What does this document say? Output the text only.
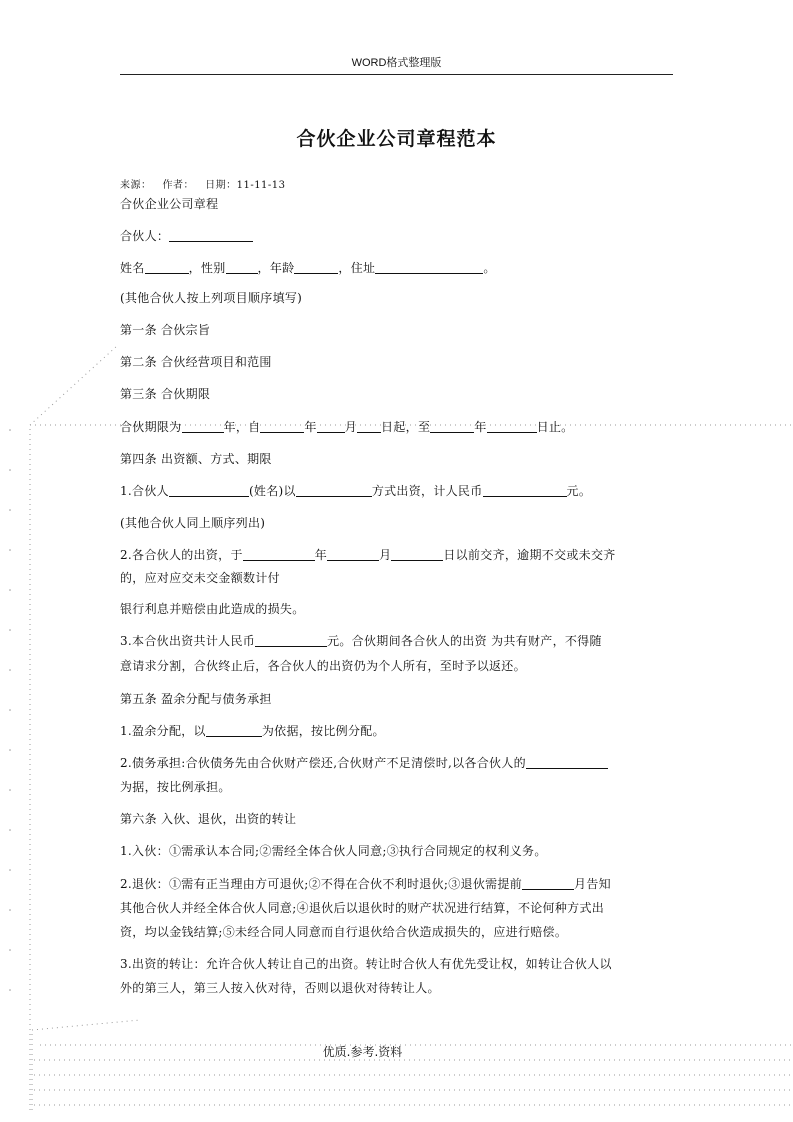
WORD格式整理版
合伙企业公司章程范本
来源： 作者： 日期：11-11-13
合伙企业公司章程
合伙人：
姓名	，性别	，年龄	，住址	。
(其他合伙人按上列项目顺序填写)
第一条 合伙宗旨
第二条 合伙经营项目和范围
第三条 合伙期限
合伙期限为	年，自	年 月 日起，至	年	日止。
第四条 出资额、方式、期限
1.合伙人	(姓名)以	方式出资，计人民币	元。
(其他合伙人同上顺序列出)
2.各合伙人的出资，于	年	月	日以前交齐，逾期不交或未交齐
的，应对应交未交金额数计付
银行利息并赔偿由此造成的损失。
3.本合伙出资共计人民币	元。合伙期间各合伙人的出资 为共有财产，不得随
意请求分割，合伙终止后，各合伙人的出资仍为个人所有，至时予以返还。
第五条 盈余分配与债务承担
1.盈余分配，以	为依据，按比例分配。
2.债务承担:合伙债务先由合伙财产偿还,合伙财产不足清偿时,以各合伙人的
为据，按比例承担。
第六条 入伙、退伙，出资的转让
1.入伙：①需承认本合同;②需经全体合伙人同意;③执行合同规定的权利义务。
2.退伙：①需有正当理由方可退伙;②不得在合伙不利时退伙;③退伙需提前	月告知
其他合伙人并经全体合伙人同意;④退伙后以退伙时的财产状况进行结算，不论何种方式出
资，均以金钱结算;⑤未经合同人同意而自行退伙给合伙造成损失的，应进行赔偿。
3.出资的转让：允许合伙人转让自己的出资。转让时合伙人有优先受让权，如转让合伙人以
外的第三人，第三人按入伙对待，否则以退伙对待转让人。
优质.参考.资料
